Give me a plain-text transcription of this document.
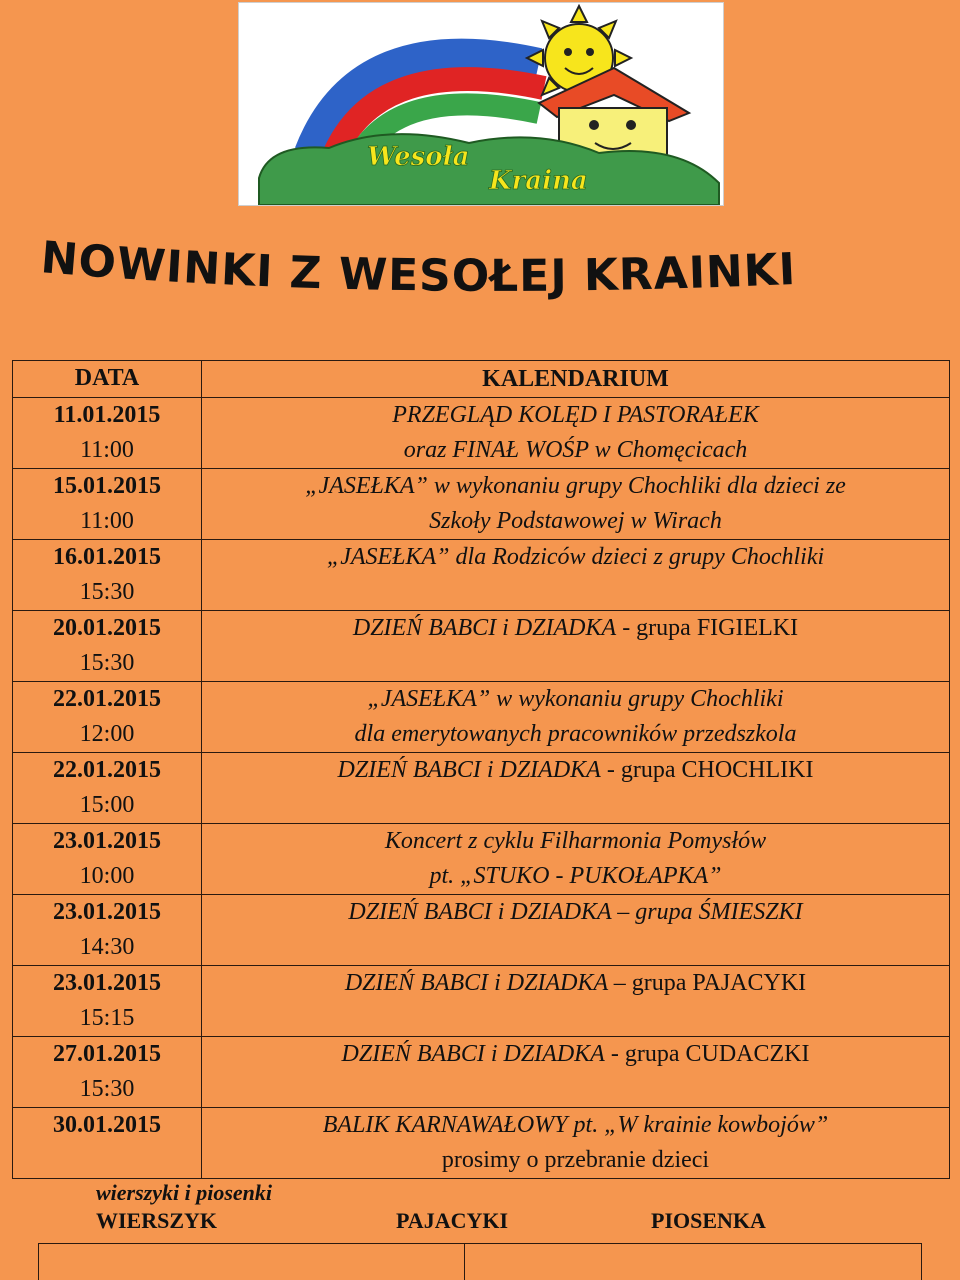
Wesoła
Kraina
NOWINKI Z WESOŁEJ KRAINKI
DATA	KALENDARIUM

11.01.2015
11:00	PRZEGLĄD KOLĘD I PASTORAŁEK
oraz FINAŁ WOŚP w Chomęcicach

15.01.2015
11:00	„JASEŁKA” w wykonaniu grupy Chochliki dla dzieci ze
Szkoły Podstawowej w Wirach

16.01.2015
15:30	„JASEŁKA” dla Rodziców dzieci z grupy Chochliki

20.01.2015
15:30	DZIEŃ BABCI i DZIADKA - grupa FIGIELKI

22.01.2015
12:00	„JASEŁKA” w wykonaniu grupy Chochliki
dla emerytowanych pracowników przedszkola

22.01.2015
15:00	DZIEŃ BABCI i DZIADKA - grupa CHOCHLIKI

23.01.2015
10:00	Koncert z cyklu Filharmonia Pomysłów
pt. „STUKO - PUKOŁAPKA”

23.01.2015
14:30	DZIEŃ BABCI i DZIADKA – grupa ŚMIESZKI

23.01.2015
15:15	DZIEŃ BABCI i DZIADKA – grupa PAJACYKI

27.01.2015
15:30	DZIEŃ BABCI i DZIADKA - grupa CUDACZKI

30.01.2015	BALIK KARNAWAŁOWY pt. „W krainie kowbojów”
prosimy o przebranie dzieci
wierszyki i piosenki
WIERSZYK	PAJACYKI	PIOSENKA
